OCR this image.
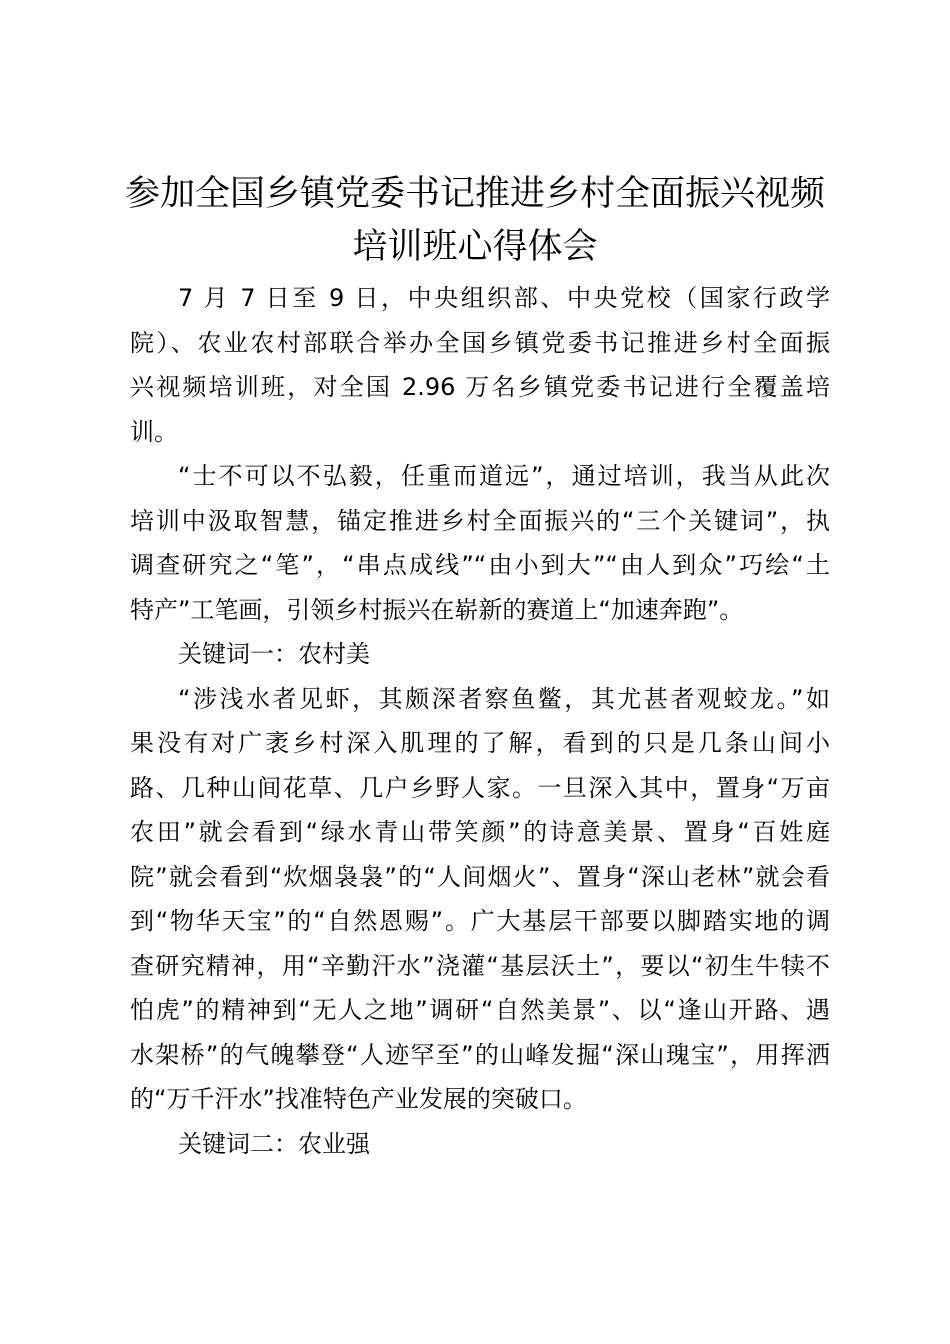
参加全国乡镇党委书记推进乡村全面振兴视频
培训班心得体会
7 月 7 日至 9 日，中央组织部、中央党校（国家行政学
院）、农业农村部联合举办全国乡镇党委书记推进乡村全面振
兴视频培训班，对全国 2.96 万名乡镇党委书记进行全覆盖培
训。
“士不可以不弘毅，任重而道远”，通过培训，我当从此次
培训中汲取智慧，锚定推进乡村全面振兴的“三个关键词”，执
调查研究之“笔”，“串点成线”“由小到大”“由人到众”巧绘“土
特产”工笔画，引领乡村振兴在崭新的赛道上“加速奔跑”。
关键词一：农村美
“涉浅水者见虾，其颇深者察鱼鳖，其尤甚者观蛟龙。”如
果没有对广袤乡村深入肌理的了解，看到的只是几条山间小
路、几种山间花草、几户乡野人家。一旦深入其中，置身“万亩
农田”就会看到“绿水青山带笑颜”的诗意美景、置身“百姓庭
院”就会看到“炊烟袅袅”的“人间烟火”、置身“深山老林”就会看
到“物华天宝”的“自然恩赐”。广大基层干部要以脚踏实地的调
查研究精神，用“辛勤汗水”浇灌“基层沃土”，要以“初生牛犊不
怕虎”的精神到“无人之地”调研“自然美景”、以“逢山开路、遇
水架桥”的气魄攀登“人迹罕至”的山峰发掘“深山瑰宝”，用挥洒
的“万千汗水”找准特色产业发展的突破口。
关键词二：农业强
